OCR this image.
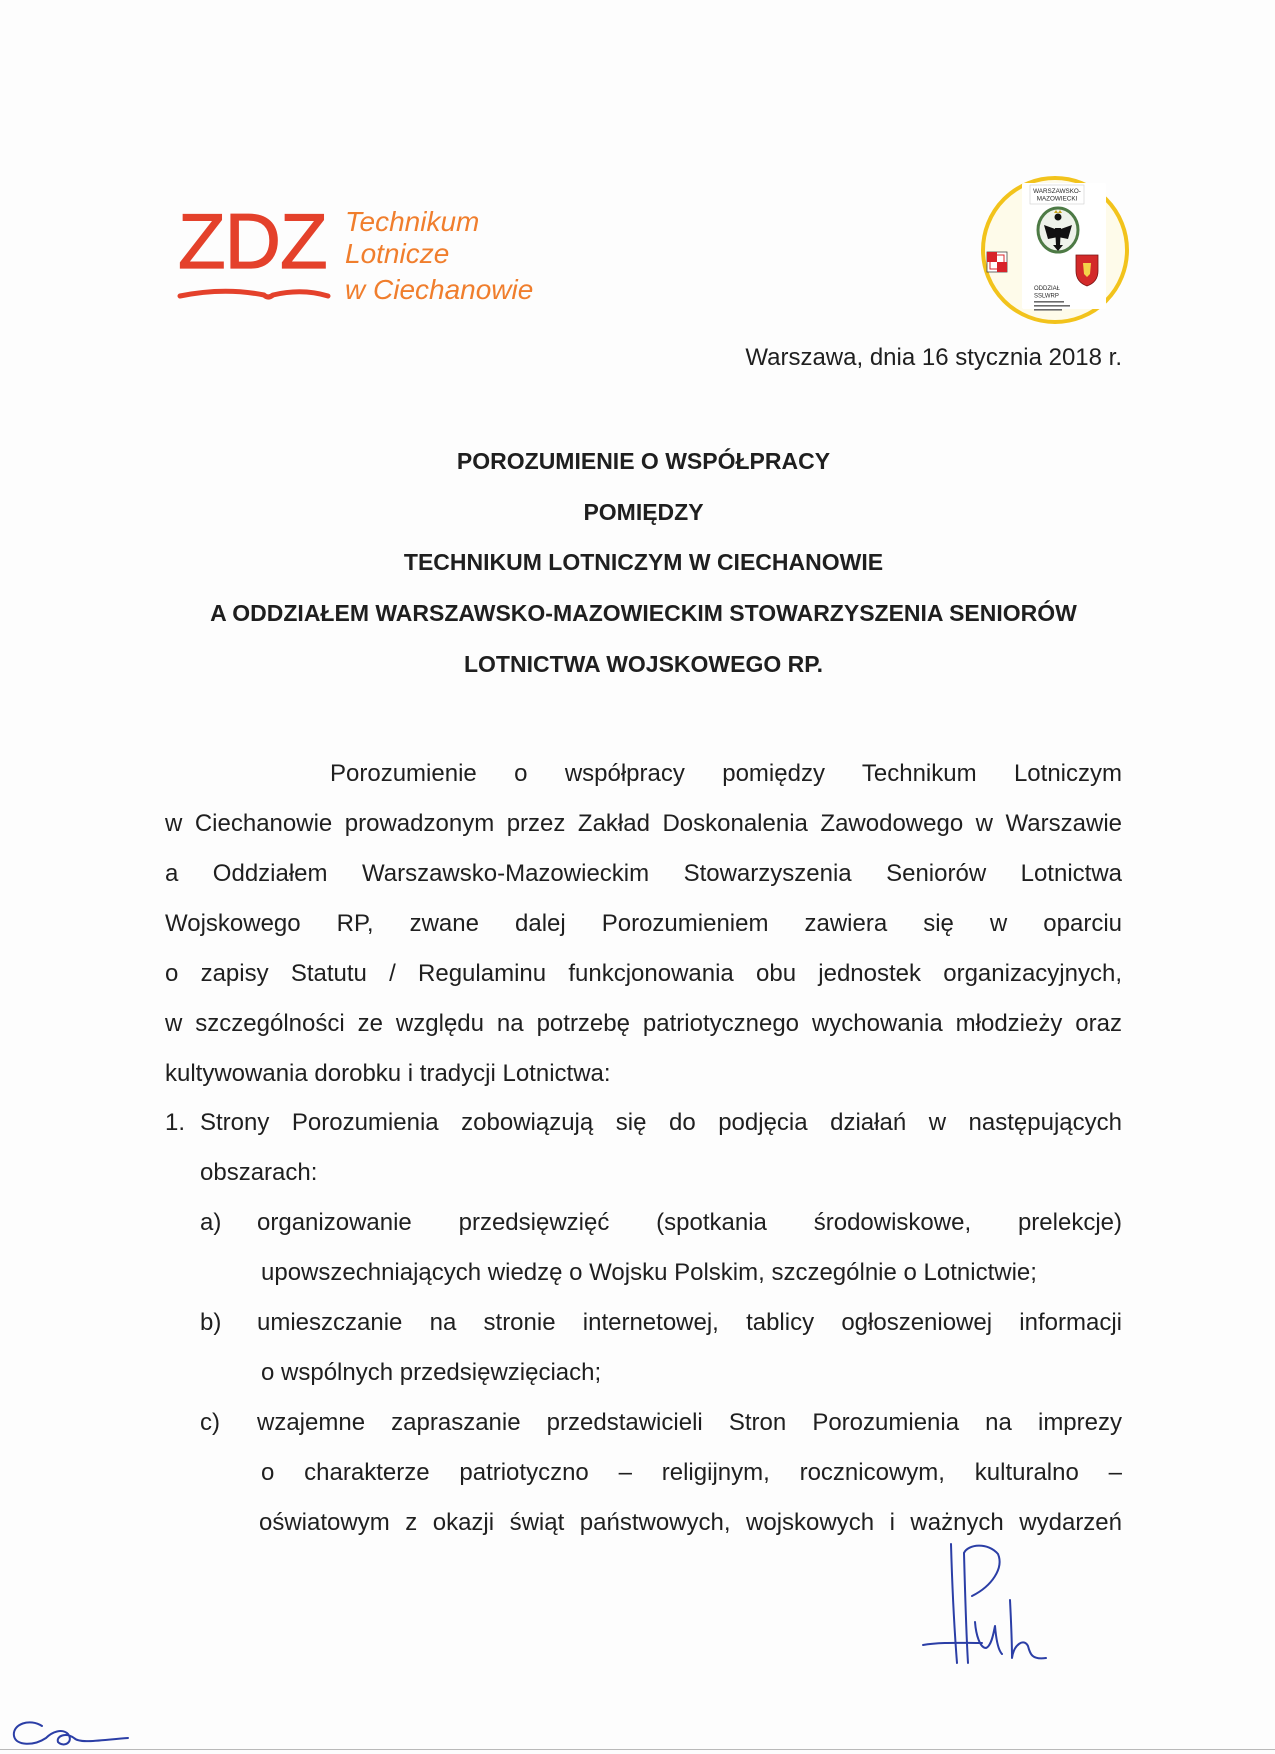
ZDZ Technikum
Lotnicze
w Ciechanowie
WARSZAWSKO-
MAZOWIECKI
ODDZIAŁ
SSLWRP
Warszawa, dnia 16 stycznia 2018 r.
POROZUMIENIE O WSPÓŁPRACY
POMIĘDZY
TECHNIKUM LOTNICZYM W CIECHANOWIE
A ODDZIAŁEM WARSZAWSKO-MAZOWIECKIM STOWARZYSZENIA SENIORÓW
LOTNICTWA WOJSKOWEGO RP.
Porozumienie o współpracy pomiędzy Technikum Lotniczym
w Ciechanowie prowadzonym przez Zakład Doskonalenia Zawodowego w Warszawie
a Oddziałem Warszawsko-Mazowieckim Stowarzyszenia Seniorów Lotnictwa
Wojskowego RP, zwane dalej Porozumieniem zawiera się w oparciu
o zapisy Statutu / Regulaminu funkcjonowania obu jednostek organizacyjnych,
w szczególności ze względu na potrzebę patriotycznego wychowania młodzieży oraz
kultywowania dorobku i tradycji Lotnictwa:
1. Strony Porozumienia zobowiązują się do podjęcia działań w następujących
obszarach:
a) organizowanie przedsięwzięć (spotkania środowiskowe, prelekcje)
upowszechniających wiedzę o Wojsku Polskim, szczególnie o Lotnictwie;
b) umieszczanie na stronie internetowej, tablicy ogłoszeniowej informacji
o wspólnych przedsięwzięciach;
c) wzajemne zapraszanie przedstawicieli Stron Porozumienia na imprezy
o charakterze patriotyczno – religijnym, rocznicowym, kulturalno –
oświatowym z okazji świąt państwowych, wojskowych i ważnych wydarzeń
